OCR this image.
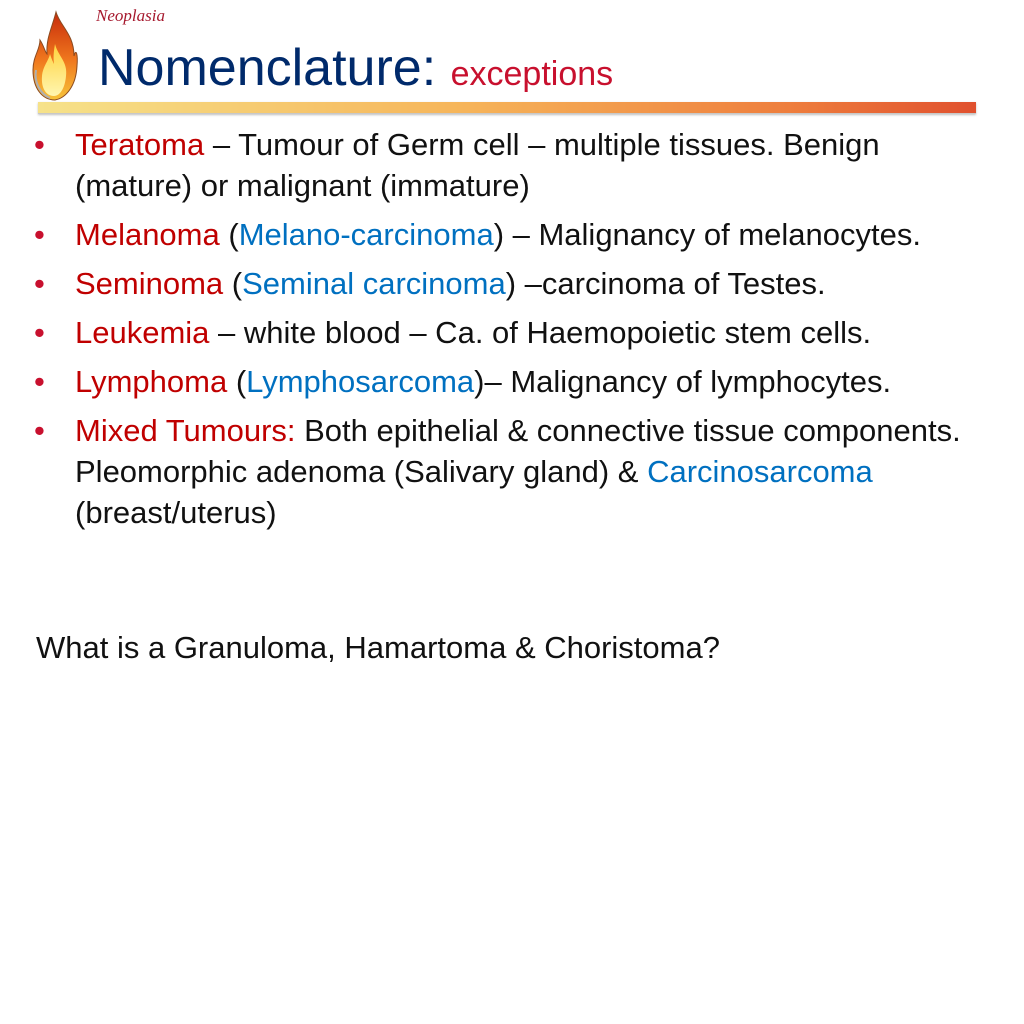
Neoplasia
Nomenclature: exceptions
• Teratoma – Tumour of Germ cell – multiple tissues. Benign (mature) or malignant (immature)
• Melanoma (Melano-carcinoma) – Malignancy of melanocytes.
• Seminoma (Seminal carcinoma) –carcinoma of Testes.
• Leukemia – white blood – Ca. of Haemopoietic stem cells.
• Lymphoma (Lymphosarcoma)– Malignancy of lymphocytes.
• Mixed Tumours: Both epithelial & connective tissue components. Pleomorphic adenoma (Salivary gland) & Carcinosarcoma (breast/uterus)
What is a Granuloma, Hamartoma & Choristoma?
